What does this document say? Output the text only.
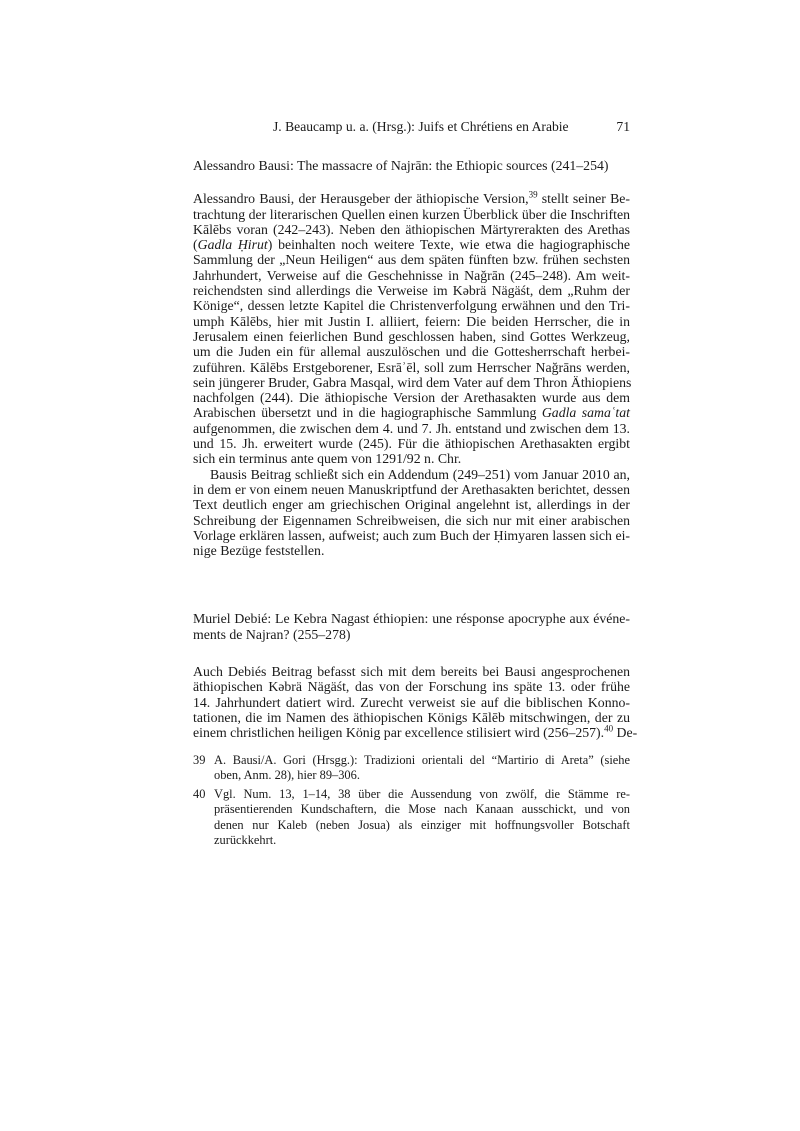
J. Beaucamp u. a. (Hrsg.): Juifs et Chrétiens en Arabie	71
Alessandro Bausi: The massacre of Najrān: the Ethiopic sources (241–254)
Alessandro Bausi, der Herausgeber der äthiopische Version,$^{39}$ stellt seiner Be-
trachtung der literarischen Quellen einen kurzen Überblick über die Inschriften
Kālēbs voran (242–243). Neben den äthiopischen Märtyrerakten des Arethas
(Gadla Ḥirut) beinhalten noch weitere Texte, wie etwa die hagiographische
Sammlung der „Neun Heiligen“ aus dem späten fünften bzw. frühen sechsten
Jahrhundert, Verweise auf die Geschehnisse in Nağrān (245–248). Am weit-
reichendsten sind allerdings die Verweise im Kəbrä Nägäśt, dem „Ruhm der
Könige“, dessen letzte Kapitel die Christenverfolgung erwähnen und den Tri-
umph Kālēbs, hier mit Justin I. alliiert, feiern: Die beiden Herrscher, die in
Jerusalem einen feierlichen Bund geschlossen haben, sind Gottes Werkzeug,
um die Juden ein für allemal auszulöschen und die Gottesherrschaft herbei-
zuführen. Kālēbs Erstgeborener, Esrāʾēl, soll zum Herrscher Nağrāns werden,
sein jüngerer Bruder, Gabra Masqal, wird dem Vater auf dem Thron Äthiopiens
nachfolgen (244). Die äthiopische Version der Arethasakten wurde aus dem
Arabischen übersetzt und in die hagiographische Sammlung Gadla samaʿtat
aufgenommen, die zwischen dem 4. und 7. Jh. entstand und zwischen dem 13.
und 15. Jh. erweitert wurde (245). Für die äthiopischen Arethasakten ergibt
sich ein terminus ante quem von 1291/92 n. Chr.
Bausis Beitrag schließt sich ein Addendum (249–251) vom Januar 2010 an,
in dem er von einem neuen Manuskriptfund der Arethasakten berichtet, dessen
Text deutlich enger am griechischen Original angelehnt ist, allerdings in der
Schreibung der Eigennamen Schreibweisen, die sich nur mit einer arabischen
Vorlage erklären lassen, aufweist; auch zum Buch der Ḥimyaren lassen sich ei-
nige Bezüge feststellen.
Muriel Debié: Le Kebra Nagast éthiopien: une résponse apocryphe aux événe-
ments de Najran? (255–278)
Auch Debiés Beitrag befasst sich mit dem bereits bei Bausi angesprochenen
äthiopischen Kəbrä Nägäśt, das von der Forschung ins späte 13. oder frühe
14. Jahrhundert datiert wird. Zurecht verweist sie auf die biblischen Konno-
tationen, die im Namen des äthiopischen Königs Kālēb mitschwingen, der zu
einem christlichen heiligen König par excellence stilisiert wird (256–257).$^{40}$ De-
39 A. Bausi/A. Gori (Hrsgg.): Tradizioni orientali del “Martirio di Areta” (siehe
oben, Anm. 28), hier 89–306.
40 Vgl. Num. 13, 1–14, 38 über die Aussendung von zwölf, die Stämme re-
präsentierenden Kundschaftern, die Mose nach Kanaan ausschickt, und von
denen nur Kaleb (neben Josua) als einziger mit hoffnungsvoller Botschaft
zurückkehrt.
